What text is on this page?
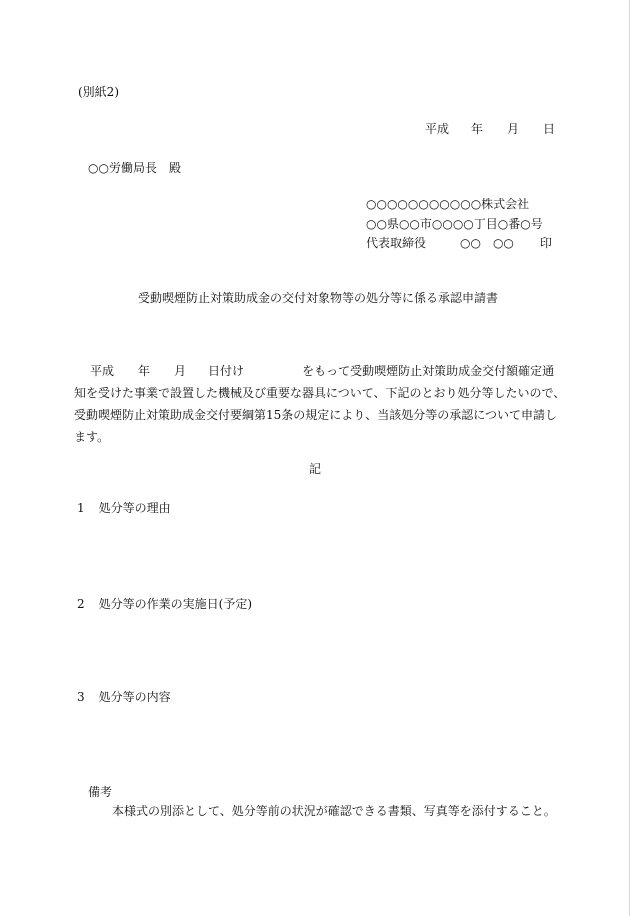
(別紙2)
平成 年 月 日
○○労働局長　殿
○○○○○○○○○○○株式会社
○○県○○市○○○○丁目○番○号
代表取締役	○○　○○ 印
受動喫煙防止対策助成金の交付対象物等の処分等に係る承認申請書

平成 年 月 日付け	をもって受動喫煙防止対策助成金交付額確定通

知を受けた事業で設置した機械及び重要な器具について、下記のとおり処分等したいので、

受動喫煙防止対策助成金交付要綱第15条の規定により、当該処分等の承認について申請し

ます。

記
1 処分等の理由
2 処分等の作業の実施日(予定)
3 処分等の内容
備考
本様式の別添として、処分等前の状況が確認できる書類、写真等を添付すること。
